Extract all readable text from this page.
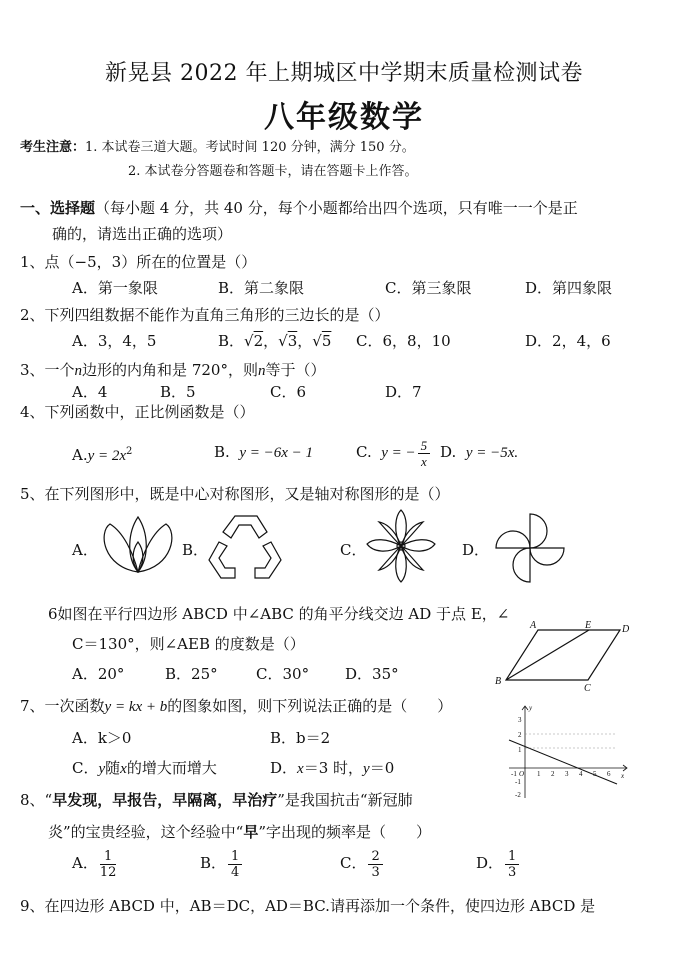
新晃县 2022 年上期城区中学期末质量检测试卷
八年级数学
考生注意：1. 本试卷三道大题。考试时间 120 分钟，满分 150 分。
2. 本试卷分答题卷和答题卡，请在答题卡上作答。
一、选择题（每小题 4 分，共 40 分，每个小题都给出四个选项，只有唯一一个是正
确的，请选出正确的选项）
1、点（−5，3）所在的位置是（）
A．第一象限	B．第二象限	C．第三象限	D．第四象限
2、下列四组数据不能作为直角三角形的三边长的是（）
A．3，4，5	B．√2，√3，√5 C．6，8，10	D．2，4，6
3、一个n边形的内角和是 720°，则n等于（）
A．4	B．5	C．6	D．7
4、下列函数中，正比例函数是（）
$A.y = 2x^2$	B. y = −6x − 1	C. y = − $\frac{5}{x} D$. y = −5x.
5、在下列图形中，既是中心对称图形，又是轴对称图形的是（）
A．	B．	C．	D．
6如图在平行四边形 ABCD 中∠ABC 的角平分线交边 AD 于点 E，∠
C＝130°，则∠AEB 的度数是（）
A．20°	B．25°	C．30° D．35°
A	E	D
B
C
7、一次函数y = kx + b的图象如图，则下列说法正确的是（　　）
A．k＞0	B．b＝2
C．y随x的增大而增大	D．x＝3 时，y＝0	x
y
O
-1	1 2 3 4 5 6
3
2
1
-1
-2
8、“早发现，早报告，早隔离，早治疗”是我国抗击“新冠肺
炎”的宝贵经验，这个经验中“早”字出现的频率是（　　）
A． $\frac{1}{12}$	B． $\frac{1}{4}$	C． $\frac{2}{3}$	D． $\frac{1}{3}$
9、在四边形 ABCD 中，AB＝DC，AD＝BC.请再添加一个条件，使四边形 ABCD 是
